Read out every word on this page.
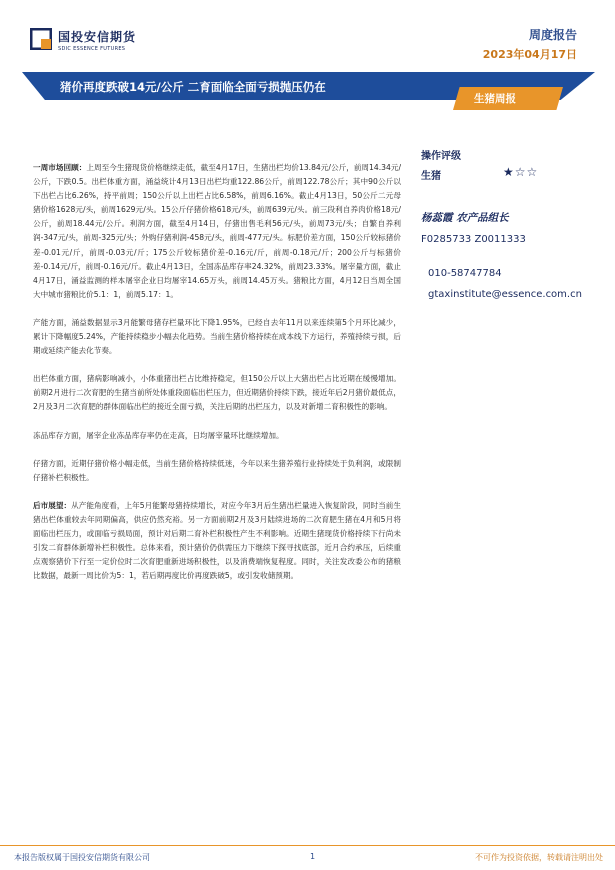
国投安信期货
SDIC ESSENCE FUTURES
周度报告
2023年04月17日
猪价再度跌破14元/公斤 二育面临全面亏损抛压仍在
生猪周报
操作评级
生猪	★☆☆
杨蕊霞 农产品组长
F0285733 Z0011333
010-58747784
gtaxinstitute@essence.com.cn

一周市场回顾：上周至今生猪现货价格继续走低，截至4月17日，生猪出栏均价13.84元/公斤，前周14.34元/公斤，下跌0.5。出栏体重方面，涌益统计4月13日出栏均重122.86公斤，前周122.78公斤；其中90公斤以下出栏占比6.26%，持平前周；150公斤以上出栏占比6.58%，前周6.16%。截止4月13日，50公斤二元母猪价格1628元/头，前周1629元/头。15公斤仔猪价格618元/头，前周639元/头。前三段利自养肉价格18元/公斤，前周18.44元/公斤。利润方面，截至4月14日，仔猪出售毛利56元/头，前周73元/头；自繁自养利润-347元/头，前周-325元/头；外购仔猪利润-458元/头，前周-477元/头。标肥价差方面，150公斤较标猪价差-0.01元/斤，前周-0.03元/斤；175公斤较标猪价差-0.16元/斤，前周-0.18元/斤；200公斤与标猪价差-0.14元/斤，前周-0.16元/斤。截止4月13日，全国冻品库存率24.32%，前周23.33%。屠宰量方面，截止4月17日，涌益监测的样本屠宰企业日均屠宰14.65万头，前周14.45万头。猪粮比方面，4月12日当周全国大中城市猪粮比价5.1：1，前周5.17：1。

产能方面，涌益数据显示3月能繁母猪存栏量环比下降1.95%，已经自去年11月以来连续第5个月环比减少，累计下降幅度5.24%，产能持续稳步小幅去化趋势。当前生猪价格持续在成本线下方运行，养殖持续亏损，后期或延续产能去化节奏。

出栏体重方面，猪病影响减小，小体重猪出栏占比维持稳定，但150公斤以上大猪出栏占比近期在缓慢增加。前期2月进行二次育肥的生猪当前所处体重段面临出栏压力，但近期猪价持续下跌，接近年后2月猪价最低点，2月及3月二次育肥的群体面临出栏的接近全面亏损，关注后期的出栏压力，以及对新增二育积极性的影响。

冻品库存方面，屠宰企业冻品库存率仍在走高，日均屠宰量环比继续增加。

仔猪方面，近期仔猪价格小幅走低，当前生猪价格持续低迷，今年以来生猪养殖行业持续处于负利润，或限制仔猪补栏积极性。

后市展望：从产能角度看，上年5月能繁母猪持续增长，对应今年3月后生猪出栏量进入恢复阶段，同时当前生猪出栏体重较去年同期偏高，供应仍然充裕。另一方面前期2月及3月陆续进场的二次育肥生猪在4月和5月将面临出栏压力，或面临亏损局面，预计对后期二育补栏积极性产生不利影响。近期生猪现货价格持续下行尚未引发二育群体新增补栏积极性。总体来看，预计猪价仍供需压力下继续下探寻找底部，近月合约承压，后续重点观察猪价下行至一定价位时二次育肥重新进场积极性，以及消费端恢复程度。同时，关注发改委公布的猪粮比数据，最新一周比价为5：1，若后期再度比价再度跌破5，或引发收储预期。

本报告版权属于国投安信期货有限公司	1	不可作为投资依据，转载请注明出处
